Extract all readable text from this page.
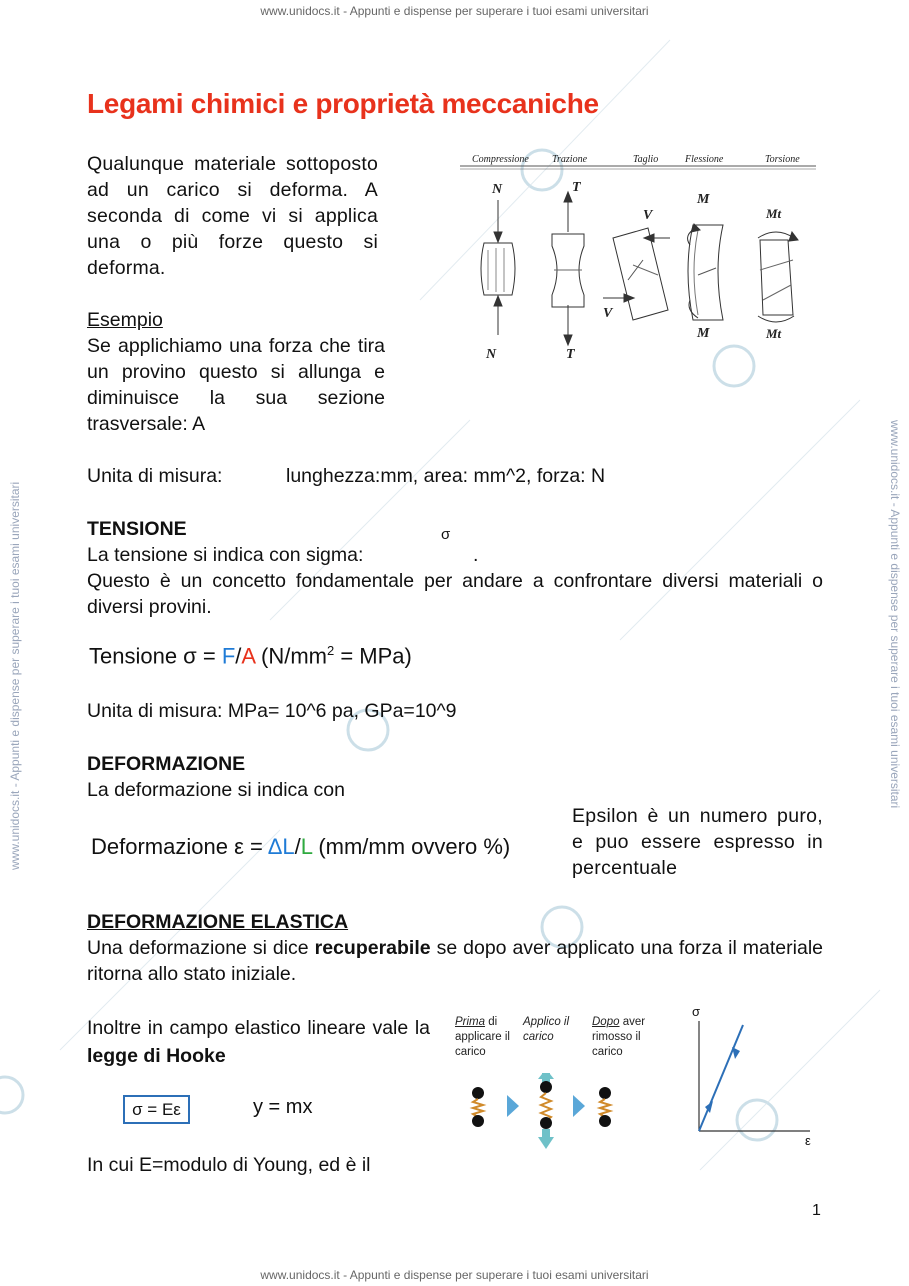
www.unidocs.it - Appunti e dispense per superare i tuoi esami universitari
www.unidocs.it - Appunti e dispense per superare i tuoi esami universitari
www.unidocs.it - Appunti e dispense per superare i tuoi esami universitari	www.unidocs.it - Appunti e dispense per superare i tuoi esami universitari
Legami chimici e proprietà meccaniche
Qualunque materiale sottoposto ad un carico si deforma. A seconda di come vi si applica una o più forze questo si deforma.
Esempio
Se applichiamo una forza che tira un provino questo si allunga e diminuisce la sua sezione trasversale: A
Compressione Trazione	Taglio	Flessione	Torsione
N	T
V
M
Mt
N	T
V
M	Mt
Unita di misura:	lunghezza:mm, area: mm^2, forza: N
TENSIONE
La tensione si indica con sigma:
σ
.
Questo è un concetto fondamentale per andare a confrontare diversi materiali o diversi provini.
Tensione σ = F/A $(N/mm^2 = MPa)$
Unita di misura: MPa= 10^6 pa, GPa=10^9
DEFORMAZIONE
La deformazione si indica con
Deformazione ε = ΔL/L (mm/mm ovvero %)
Epsilon è un numero puro, e puo essere espresso in percentuale
DEFORMAZIONE ELASTICA
Una deformazione si dice recuperabile se dopo aver applicato una forza il materiale ritorna allo stato iniziale.
Inoltre in campo elastico lineare vale la legge di Hooke
σ = Eε	y = mx
In cui E=modulo di Young, ed è il
Prima di applicare il carico
Applico il carico
Dopo aver rimosso il carico
σ
ε
1
